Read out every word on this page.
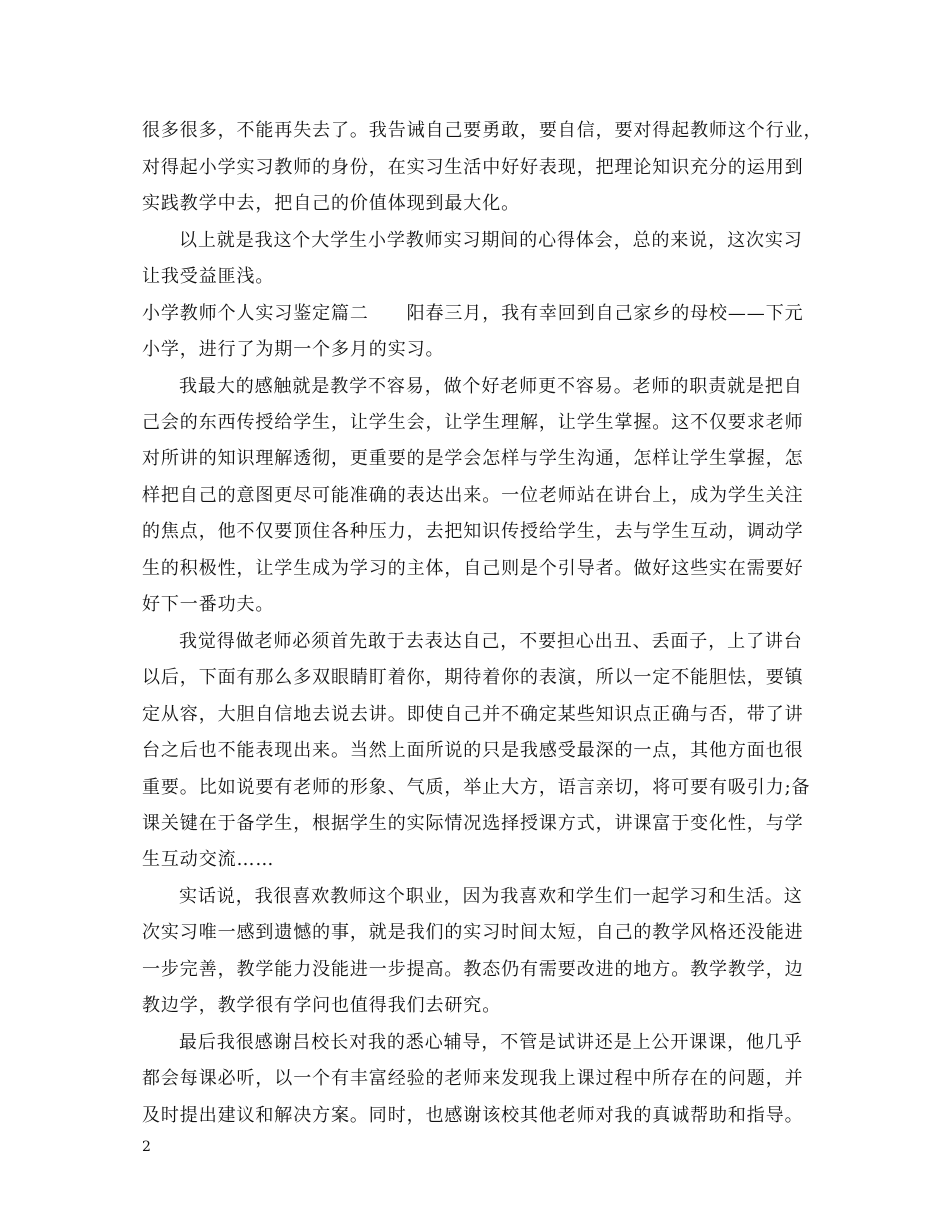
很多很多，不能再失去了。我告诫自己要勇敢，要自信，要对得起教师这个行业，
对得起小学实习教师的身份，在实习生活中好好表现，把理论知识充分的运用到
实践教学中去，把自己的价值体现到最大化。
以上就是我这个大学生小学教师实习期间的心得体会，总的来说，这次实习
让我受益匪浅。
小学教师个人实习鉴定篇二　　阳春三月，我有幸回到自己家乡的母校——下元
小学，进行了为期一个多月的实习。
我最大的感触就是教学不容易，做个好老师更不容易。老师的职责就是把自
己会的东西传授给学生，让学生会，让学生理解，让学生掌握。这不仅要求老师
对所讲的知识理解透彻，更重要的是学会怎样与学生沟通，怎样让学生掌握，怎
样把自己的意图更尽可能准确的表达出来。一位老师站在讲台上，成为学生关注
的焦点，他不仅要顶住各种压力，去把知识传授给学生，去与学生互动，调动学
生的积极性，让学生成为学习的主体，自己则是个引导者。做好这些实在需要好
好下一番功夫。
我觉得做老师必须首先敢于去表达自己，不要担心出丑、丢面子，上了讲台
以后，下面有那么多双眼睛盯着你，期待着你的表演，所以一定不能胆怯，要镇
定从容，大胆自信地去说去讲。即使自己并不确定某些知识点正确与否，带了讲
台之后也不能表现出来。当然上面所说的只是我感受最深的一点，其他方面也很
重要。比如说要有老师的形象、气质，举止大方，语言亲切，将可要有吸引力;备
课关键在于备学生，根据学生的实际情况选择授课方式，讲课富于变化性，与学
生互动交流……
实话说，我很喜欢教师这个职业，因为我喜欢和学生们一起学习和生活。这
次实习唯一感到遗憾的事，就是我们的实习时间太短，自己的教学风格还没能进
一步完善，教学能力没能进一步提高。教态仍有需要改进的地方。教学教学，边
教边学，教学很有学问也值得我们去研究。
最后我很感谢吕校长对我的悉心辅导，不管是试讲还是上公开课课，他几乎
都会每课必听，以一个有丰富经验的老师来发现我上课过程中所存在的问题，并
及时提出建议和解决方案。同时，也感谢该校其他老师对我的真诚帮助和指导。
2
